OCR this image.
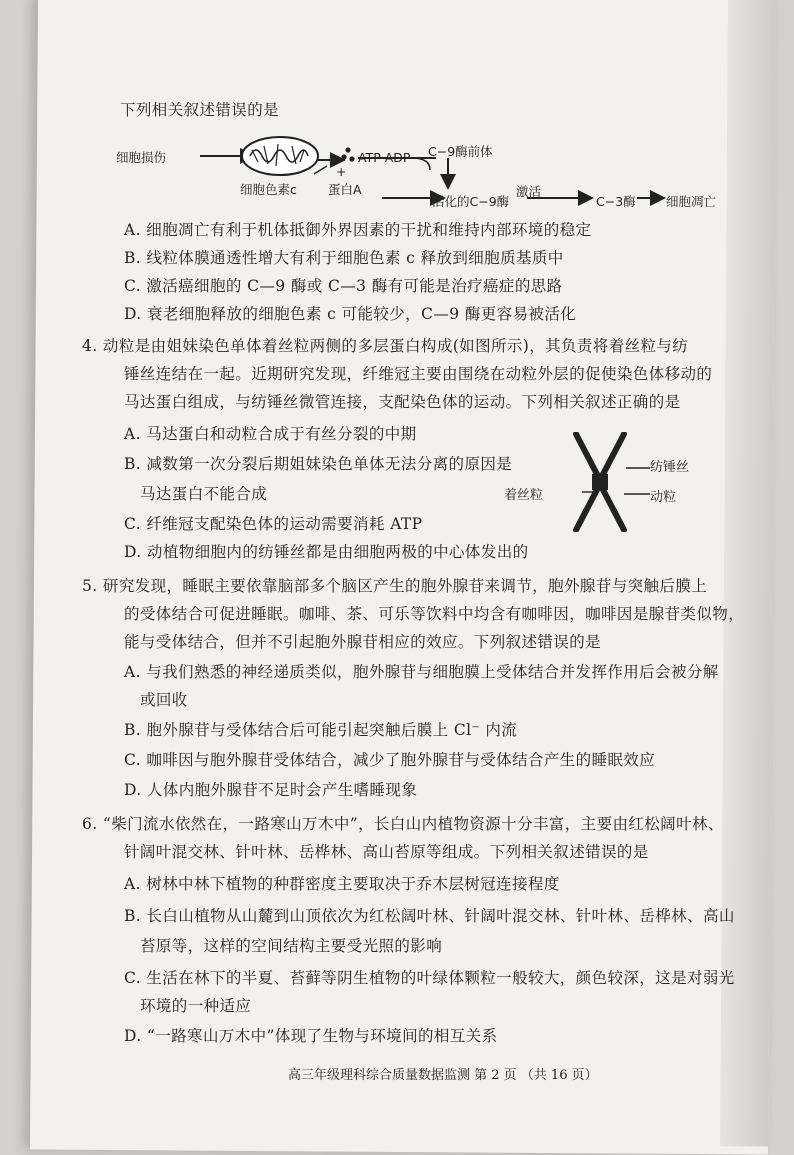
下列相关叙述错误的是
细胞损伤
细胞色素c
+
蛋白A
ATP ADP C−9酶前体
活化的C−9酶
激活
C−3酶 细胞凋亡
A. 细胞凋亡有利于机体抵御外界因素的干扰和维持内部环境的稳定
B. 线粒体膜通透性增大有利于细胞色素 c 释放到细胞质基质中
C. 激活癌细胞的 C—9 酶或 C—3 酶有可能是治疗癌症的思路
D. 衰老细胞释放的细胞色素 c 可能较少，C—9 酶更容易被活化
4. 动粒是由姐妹染色单体着丝粒两侧的多层蛋白构成(如图所示)，其负责将着丝粒与纺
锤丝连结在一起。近期研究发现，纤维冠主要由围绕在动粒外层的促使染色体移动的
马达蛋白组成，与纺锤丝微管连接，支配染色体的运动。下列相关叙述正确的是
A. 马达蛋白和动粒合成于有丝分裂的中期
B. 减数第一次分裂后期姐妹染色单体无法分离的原因是
马达蛋白不能合成
C. 纤维冠支配染色体的运动需要消耗 ATP
D. 动植物细胞内的纺锤丝都是由细胞两极的中心体发出的
着丝粒
纺锤丝
动粒
5. 研究发现，睡眠主要依靠脑部多个脑区产生的胞外腺苷来调节，胞外腺苷与突触后膜上
的受体结合可促进睡眠。咖啡、茶、可乐等饮料中均含有咖啡因，咖啡因是腺苷类似物，
能与受体结合，但并不引起胞外腺苷相应的效应。下列叙述错误的是
A. 与我们熟悉的神经递质类似，胞外腺苷与细胞膜上受体结合并发挥作用后会被分解
或回收
B. 胞外腺苷与受体结合后可能引起突触后膜上 Cl⁻ 内流
C. 咖啡因与胞外腺苷受体结合，减少了胞外腺苷与受体结合产生的睡眠效应
D. 人体内胞外腺苷不足时会产生嗜睡现象
6. “柴门流水依然在，一路寒山万木中”，长白山内植物资源十分丰富，主要由红松阔叶林、
针阔叶混交林、针叶林、岳桦林、高山苔原等组成。下列相关叙述错误的是
A. 树林中林下植物的种群密度主要取决于乔木层树冠连接程度
B. 长白山植物从山麓到山顶依次为红松阔叶林、针阔叶混交林、针叶林、岳桦林、高山
苔原等，这样的空间结构主要受光照的影响
C. 生活在林下的半夏、苔藓等阴生植物的叶绿体颗粒一般较大，颜色较深，这是对弱光
环境的一种适应
D. “一路寒山万木中”体现了生物与环境间的相互关系
高三年级理科综合质量数据监测 第 2 页 （共 16 页）
